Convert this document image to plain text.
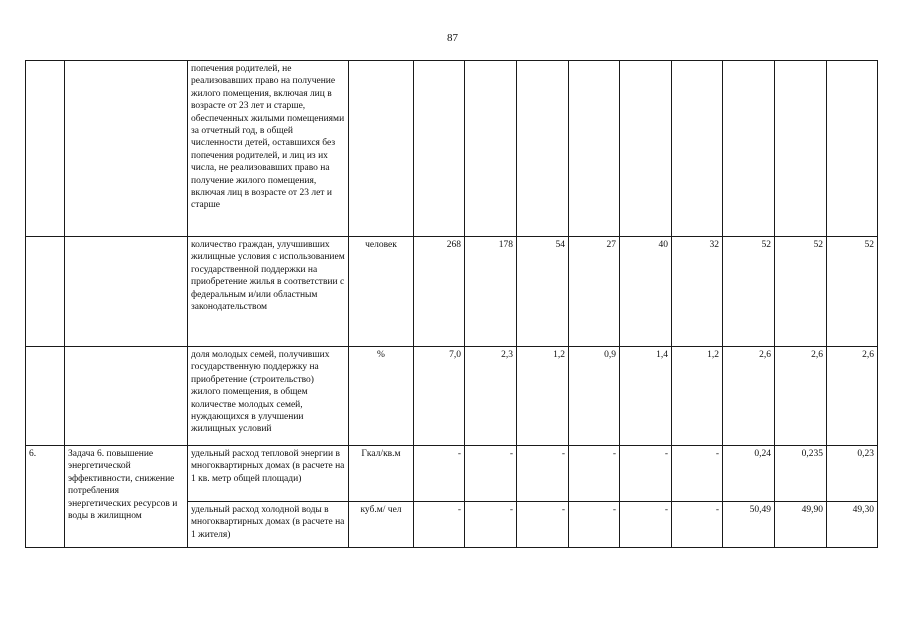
87
		попечения родителей, не реализовавших право на получение жилого помещения, включая лиц в возрасте от 23 лет и старше, обеспеченных жилыми помещениями за отчетный год, в общей численности детей, оставшихся без попечения родителей, и лиц из их числа, не реализовавших право на получение жилого помещения, включая лиц в возрасте от 23 лет и старше										
		количество граждан, улучшивших жилищные условия с использованием государственной поддержки на приобретение жилья в соответствии с федеральным и/или областным законодательством	человек	268	178	54	27	40	32	52	52	52
		доля молодых семей, получивших государственную поддержку на приобретение (строительство) жилого помещения, в общем количестве молодых семей, нуждающихся в улучшении жилищных условий	%	7,0	2,3	1,2	0,9	1,4	1,2	2,6	2,6	2,6
6.	Задача 6. повышение энергетической эффективности, снижение потребления энергетических ресурсов и воды в жилищном	удельный расход тепловой энергии в многоквартирных домах (в расчете на 1 кв. метр общей площади)	Гкал/кв.м	-	-	-	-	-	-	0,24	0,235	0,23
		удельный расход холодной воды в многоквартирных домах (в расчете на 1 жителя)	куб.м/ чел	-	-	-	-	-	-	50,49	49,90	49,30
